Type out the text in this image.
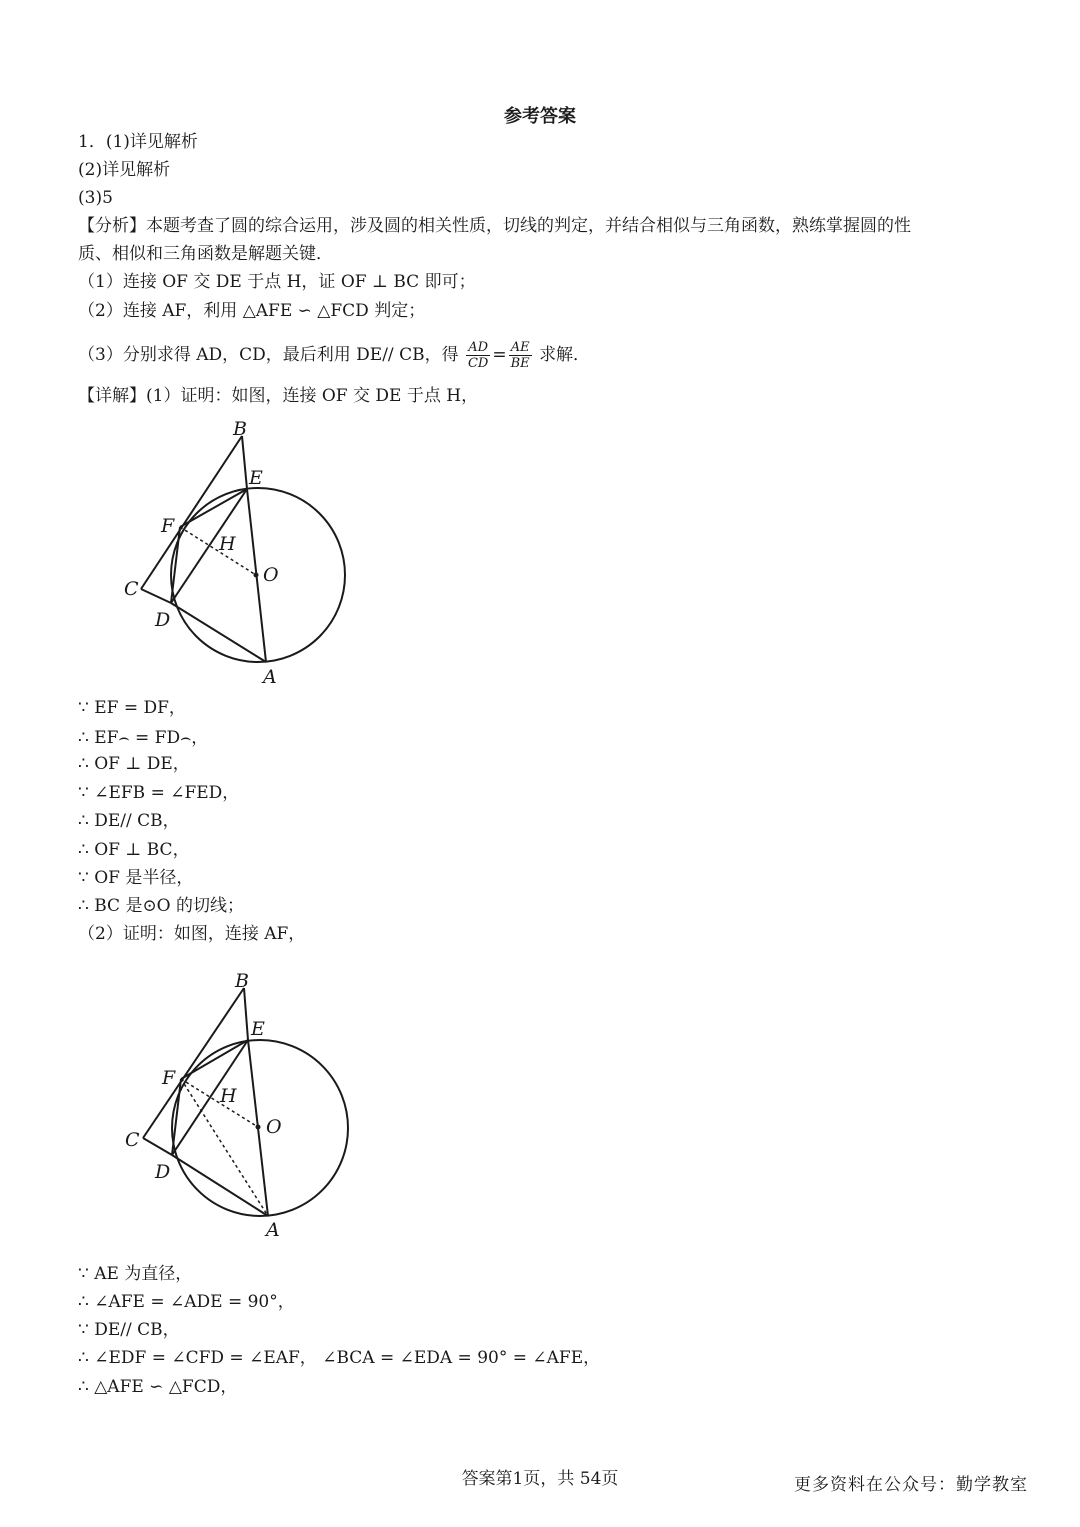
参考答案
1．(1)详见解析
(2)详见解析
(3)5
【分析】本题考查了圆的综合运用，涉及圆的相关性质，切线的判定，并结合相似与三角函数，熟练掌握圆的性
质、相似和三角函数是解题关键．
（1）连接 OF 交 DE 于点 H，证 OF ⊥ BC 即可；
（2）连接 AF，利用 △AFE ∽ △FCD 判定；
（3）分别求得 AD，CD，最后利用 DE// CB，得 $\frac{AD}{CD} = \frac{AE}{BE}$ 求解．
【详解】(1）证明：如图，连接 OF 交 DE 于点 H，
B
E
F
H
O
C
D
A
∵ EF = DF，
∴ EF⌢ = FD⌢，
∴ OF ⊥ DE，
∵ ∠EFB = ∠FED，
∴ DE// CB，
∴ OF ⊥ BC，
∵ OF 是半径，
∴ BC 是⊙O 的切线；
（2）证明：如图，连接 AF，
B
E
F
H
O
C
D
A
∵ AE 为直径，
∴ ∠AFE = ∠ADE = 90°，
∵ DE// CB，
∴ ∠EDF = ∠CFD = ∠EAF， ∠BCA = ∠EDA = 90° = ∠AFE，
∴ △AFE ∽ △FCD，
答案第1页，共 54页	更多资料在公众号：勤学教室
